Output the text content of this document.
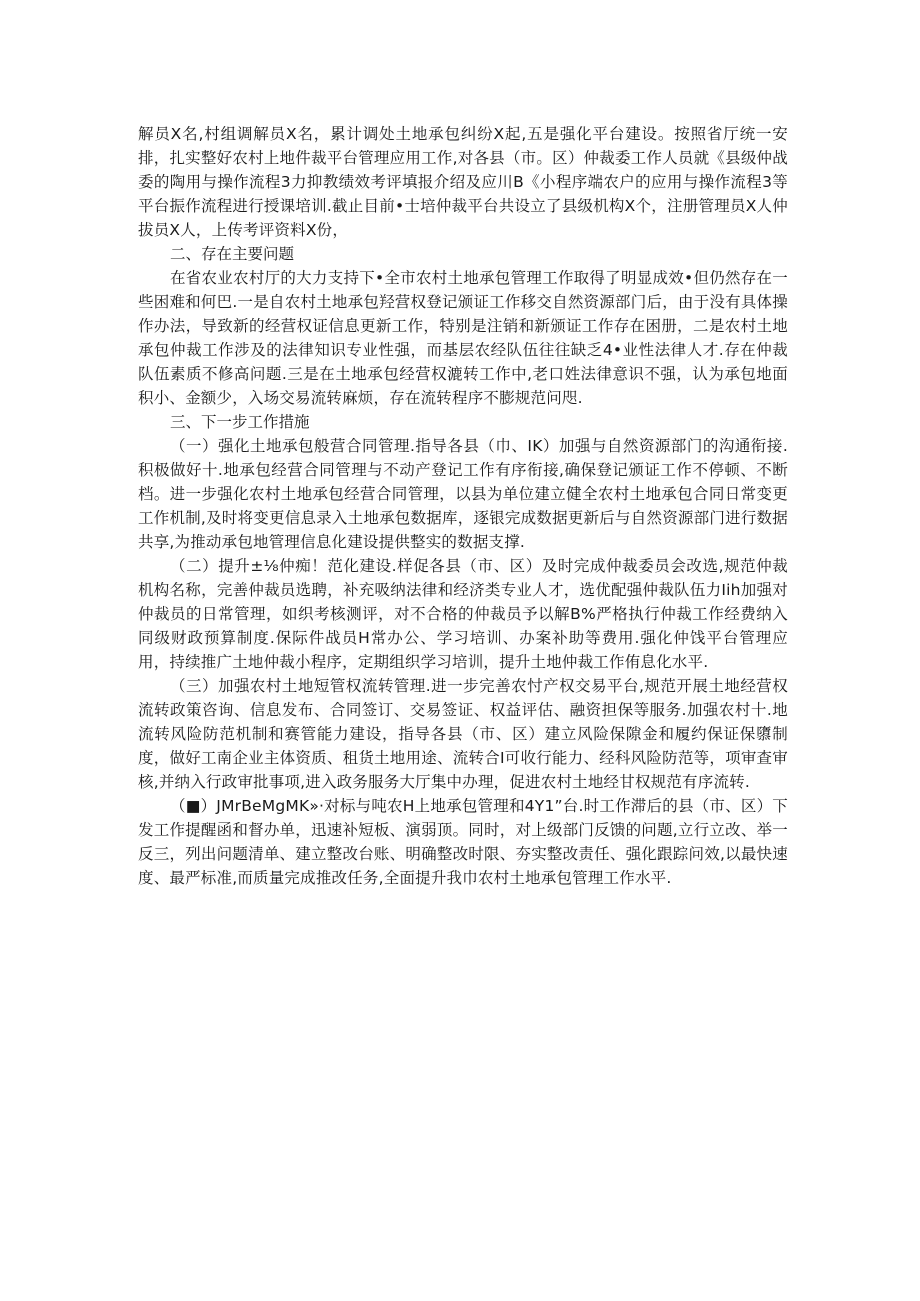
解员X名,村组调解员X名，累计调处土地承包纠纷X起,五是强化平台建设。按照省厅统一安排，扎实整好农村上地件裁平台管理应用工作,对各县（市。区）仲裁委工作人员就《县级仲战委的陶用与操作流程3力抑教绩效考评填报介绍及应川B《小程序端农户的应用与操作流程3等平台振作流程进行授课培训.截止目前•士培仲裁平台共设立了县级机构X个，注册管理员X人仲拔员X人，上传考评资料X份，

二、存在主要问题

在省农业农村厅的大力支持下•全市农村土地承包管理工作取得了明显成效•但仍然存在一些困难和何巴.一是自农村土地承包羟营权登记颁证工作移交自然资源部门后，由于没有具体操作办法，导致新的经营权证信息更新工作，特别是注销和新颁证工作存在困册，二是农村土地承包仲裁工作涉及的法律知识专业性强，而基层农经队伍往往缺乏4•业性法律人才.存在仲裁队伍素质不修高问题.三是在土地承包经营权漉转工作中,老口姓法律意识不强，认为承包地面积小、金额少，入场交易流转麻烦，存在流转程序不膨规范问咫.

三、下一步工作措施

（一）强化土地承包般营合同管理.指导各县（巾、IK）加强与自然资源部门的沟通衔接.积极做好十.地承包经营合同管理与不动产登记工作有序衔接,确保登记颁证工作不停顿、不断档。进一步强化农村土地承包经营合同管理，以县为单位建立健全农村土地承包合同日常变更工作机制,及时将变更信息录入土地承包数据库，逐银完成数据更新后与自然资源部门进行数据共享,为推动承包地管理信息化建设提供整实的数据支撑.

（二）提升±⅛仲痴！范化建设.样促各县（市、区）及时完成仲裁委员会改选,规范仲裁机构名称，完善仲裁员选聘，补充吸纳法律和经济类专业人才，选优配强仲裁队伍力Iih加强对仲裁员的日常管理，如织考核测评，对不合格的仲裁员予以解B%严格执行仲裁工作经费纳入同级财政预算制度.保际件战员H常办公、学习培训、办案补助等费用.强化仲饯平台管理应用，持续推广土地仲裁小程序，定期组织学习培训，提升土地仲裁工作侑息化水平.

（三）加强农村土地短管权流转管理.进一步完善农忖产权交易平台,规范开展土地经营权流转政策咨询、信息发布、合同签订、交易签证、权益评估、融资担保等服务.加强农村十.地流转风险防范机制和赛管能力建设，指导各县（市、区）建立风险保隙金和履约保证保隳制度，做好工南企业主体资质、租货土地用途、流转合Ⅰ可收行能力、经科风险防范等，项审查审核,并纳入行政审批事项,进入政务服务大厅集中办理，促进农村土地经甘权规范有序流转.

（■）JMrBeMgMK»·对标与吨农H上地承包管理和4Y1”台.时工作滞后的县（市、区）下发工作提醒函和督办单，迅速补短板、演弱顶。同时，对上级部门反馈的问题,立行立改、举一反三，列出问题清单、建立整改台账、明确整改时限、夯实整改责任、强化跟踪问效,以最快速度、最严标准,而质量完成推改任务,全面提升我巾农村土地承包管理工作水平.
